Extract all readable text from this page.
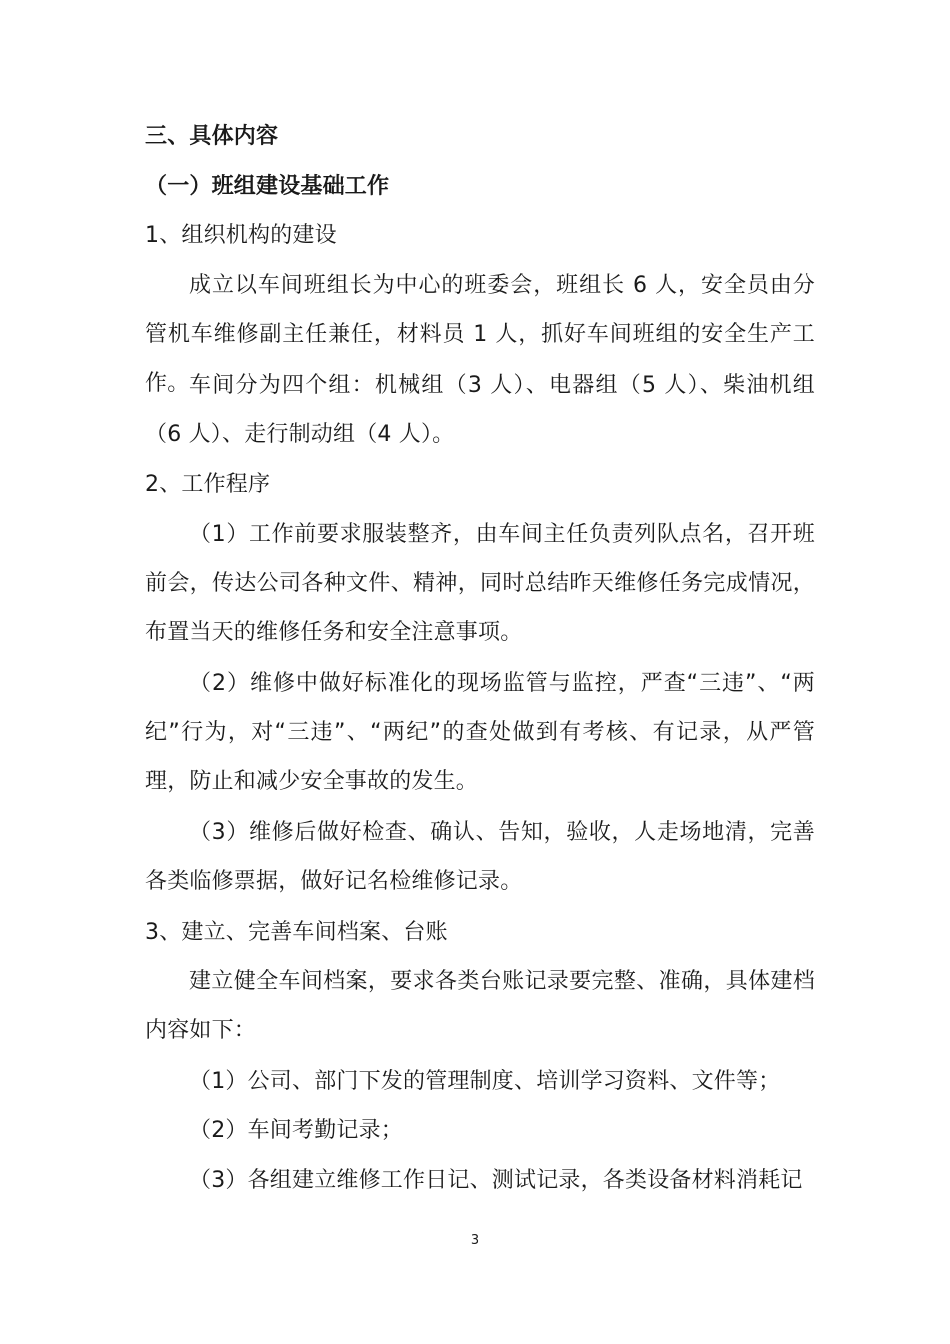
三、具体内容

（一）班组建设基础工作

1、组织机构的建设

成立以车间班组长为中心的班委会，班组长 6 人，安全员由分管机车维修副主任兼任，材料员 1 人，抓好车间班组的安全生产工作。 车间分为四个组：机械组（3 人）、电器组（5 人）、柴油机组（6 人）、走行制动组（4 人）。

2、工作程序

（1）工作前要求服装整齐，由车间主任负责列队点名，召开班前会，传达公司各种文件、精神，同时总结昨天维修任务完成情况，布置当天的维修任务和安全注意事项。

（2）维修中做好标准化的现场监管与监控，严查“三违”、“两纪”行为，对“三违”、“两纪”的查处做到有考核、有记录，从严管理，防止和减少安全事故的发生。

（3）维修后做好检查、确认、告知，验收，人走场地清，完善各类临修票据，做好记名检维修记录。

3、建立、完善车间档案、台账

建立健全车间档案，要求各类台账记录要完整、准确，具体建档内容如下：

（1）公司、部门下发的管理制度、培训学习资料、文件等；

（2）车间考勤记录；

（3）各组建立维修工作日记、测试记录，各类设备材料消耗记

3
